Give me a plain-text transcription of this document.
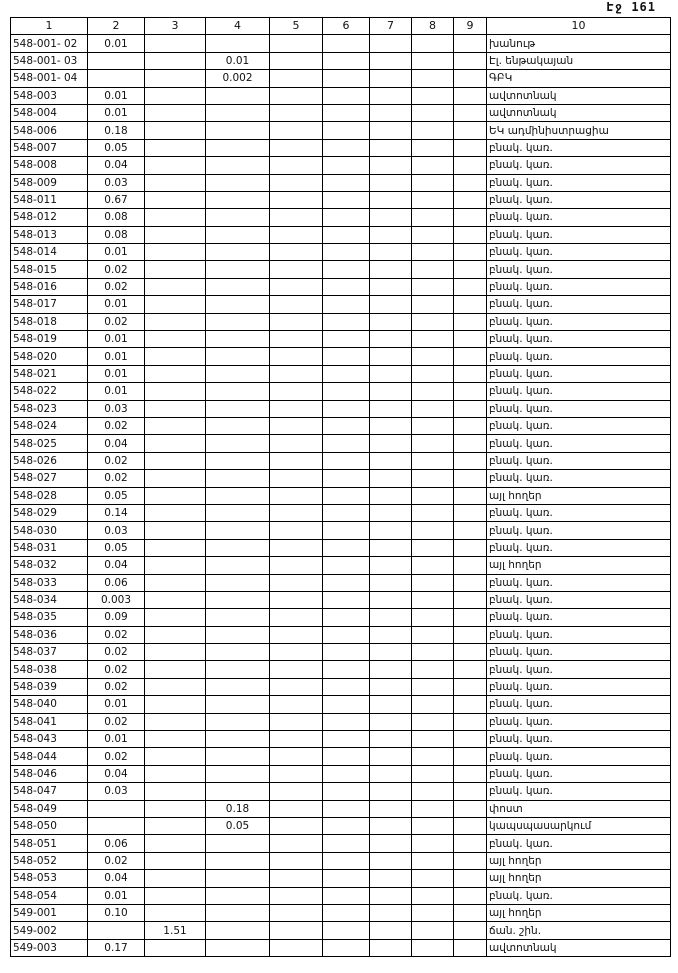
Էջ 161
1	2	3	4	5	6	7	8	9	10
548-001- 02	0.01								խանութ
548-001- 03			0.01						Էլ. ենթակայան
548-001- 04			0.002						ԳԲԿ
548-003	0.01								ավտոտնակ
548-004	0.01								ավտոտնակ
548-006	0.18								ԵԿ ադմինիստրացիա
548-007	0.05								բնակ. կառ.
548-008	0.04								բնակ. կառ.
548-009	0.03								բնակ. կառ.
548-011	0.67								բնակ. կառ.
548-012	0.08								բնակ. կառ.
548-013	0.08								բնակ. կառ.
548-014	0.01								բնակ. կառ.
548-015	0.02								բնակ. կառ.
548-016	0.02								բնակ. կառ.
548-017	0.01								բնակ. կառ.
548-018	0.02								բնակ. կառ.
548-019	0.01								բնակ. կառ.
548-020	0.01								բնակ. կառ.
548-021	0.01								բնակ. կառ.
548-022	0.01								բնակ. կառ.
548-023	0.03								բնակ. կառ.
548-024	0.02								բնակ. կառ.
548-025	0.04								բնակ. կառ.
548-026	0.02								բնակ. կառ.
548-027	0.02								բնակ. կառ.
548-028	0.05								այլ հողեր
548-029	0.14								բնակ. կառ.
548-030	0.03								բնակ. կառ.
548-031	0.05								բնակ. կառ.
548-032	0.04								այլ հողեր
548-033	0.06								բնակ. կառ.
548-034	0.003								բնակ. կառ.
548-035	0.09								բնակ. կառ.
548-036	0.02								բնակ. կառ.
548-037	0.02								բնակ. կառ.
548-038	0.02								բնակ. կառ.
548-039	0.02								բնակ. կառ.
548-040	0.01								բնակ. կառ.
548-041	0.02								բնակ. կառ.
548-043	0.01								բնակ. կառ.
548-044	0.02								բնակ. կառ.
548-046	0.04								բնակ. կառ.
548-047	0.03								բնակ. կառ.
548-049			0.18						փոստ
548-050			0.05						կապսպասարկում
548-051	0.06								բնակ. կառ.
548-052	0.02								այլ հողեր
548-053	0.04								այլ հողեր
548-054	0.01								բնակ. կառ.
549-001	0.10								այլ հողեր
549-002		1.51							ճան. շին.
549-003	0.17								ավտոտնակ
